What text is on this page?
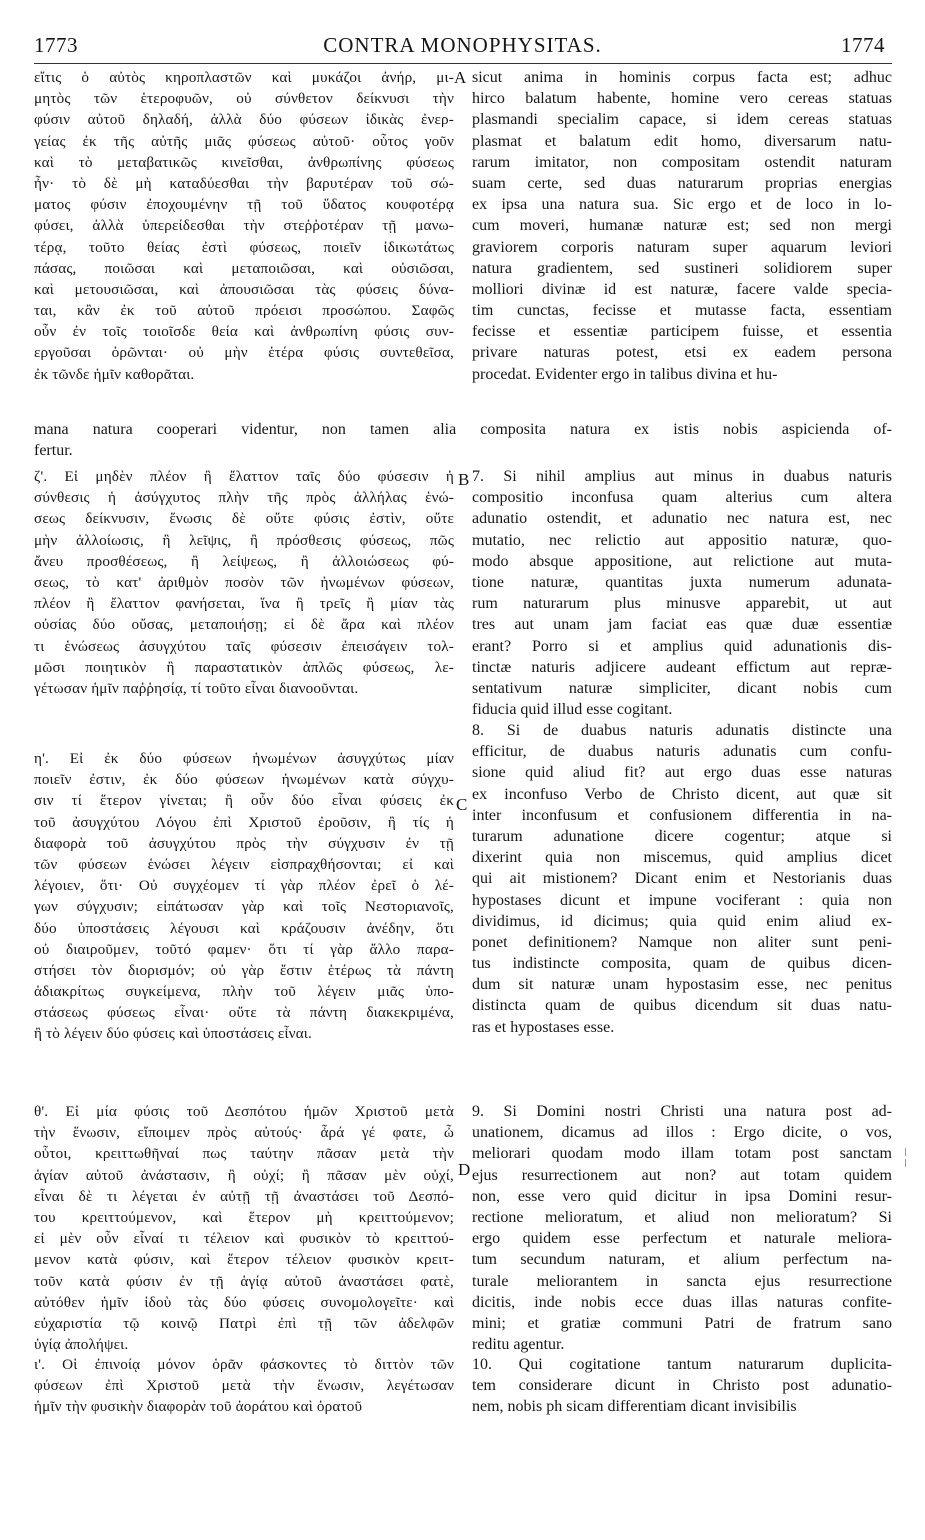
1773	CONTRA MONOPHYSITAS.	1774
A
B
C
D
εἴτις ὁ αὐτὸς κηροπλαστῶν καὶ μυκάζοι ἀνήρ, μι-
μητὸς τῶν ἑτεροφυῶν, οὐ σύνθετον δείκνυσι τὴν
φύσιν αὐτοῦ δηλαδή, ἀλλὰ δύο φύσεων ἰδικὰς ἐνερ-
γείας ἐκ τῆς αὐτῆς μιᾶς φύσεως αὐτοῦ· οὗτος γοῦν
καὶ τὸ μεταβατικῶς κινεῖσθαι, ἀνθρωπίνης φύσεως
ἦν· τὸ δὲ μὴ καταδύεσθαι τὴν βαρυτέραν τοῦ σώ-
ματος φύσιν ἐποχουμένην τῇ τοῦ ὕδατος κουφοτέρᾳ
φύσει, ἀλλὰ ὑπερείδεσθαι τὴν στεῤῥοτέραν τῇ μανω-
τέρᾳ, τοῦτο θείας ἐστὶ φύσεως, ποιεῖν ἰδικωτάτως
πάσας, ποιῶσαι καὶ μεταποιῶσαι, καὶ οὐσιῶσαι,
καὶ μετουσιῶσαι, καὶ ἀπουσιῶσαι τὰς φύσεις δύνα-
ται, κἂν ἐκ τοῦ αὐτοῦ πρόεισι προσώπου. Σαφῶς
οὖν ἐν τοῖς τοιοῖσδε θεία καὶ ἀνθρωπίνη φύσις συν-
εργοῦσαι ὁρῶνται· οὐ μὴν ἑτέρα φύσις συντεθεῖσα,
ἐκ τῶνδε ἡμῖν καθορᾶται.
sicut anima in hominis corpus facta est; adhuc
hirco balatum habente, homine vero cereas statuas
plasmandi specialim capace, si idem cereas statuas
plasmat et balatum edit homo, diversarum natu-
rarum imitator, non compositam ostendit naturam
suam certe, sed duas naturarum proprias energias
ex ipsa una natura sua. Sic ergo et de loco in lo-
cum moveri, humanæ naturæ est; sed non mergi
graviorem corporis naturam super aquarum leviori
natura gradientem, sed sustineri solidiorem super
molliori divinæ id est naturæ, facere valde specia-
tim cunctas, fecisse et mutasse facta, essentiam
fecisse et essentiæ participem fuisse, et essentia
privare naturas potest, etsi ex eadem persona
procedat. Evidenter ergo in talibus divina et hu-
mana natura cooperari videntur, non tamen alia composita natura ex istis nobis aspicienda of-
fertur.
ζ'. Εἰ μηδὲν πλέον ἢ ἔλαττον ταῖς δύο φύσεσιν ἡ
σύνθεσις ἡ ἀσύγχυτος πλὴν τῆς πρὸς ἀλλήλας ἑνώ-
σεως δείκνυσιν, ἕνωσις δὲ οὔτε φύσις ἐστὶν, οὔτε
μὴν ἀλλοίωσις, ἢ λεῖψις, ἢ πρόσθεσις φύσεως, πῶς
ἄνευ προσθέσεως, ἢ λείψεως, ἢ ἀλλοιώσεως φύ-
σεως, τὸ κατ' ἀριθμὸν ποσὸν τῶν ἡνωμένων φύσεων,
πλέον ἢ ἔλαττον φανήσεται, ἵνα ἢ τρεῖς ἢ μίαν τὰς
οὐσίας δύο οὔσας, μεταποιήσῃ; εἰ δὲ ἄρα καὶ πλέον
τι ἑνώσεως ἀσυγχύτου ταῖς φύσεσιν ἐπεισάγειν τολ-
μῶσι ποιητικὸν ἢ παραστατικὸν ἁπλῶς φύσεως, λε-
γέτωσαν ἡμῖν παῤῥησίᾳ, τί τοῦτο εἶναι διανοοῦνται.
7. Si nihil amplius aut minus in duabus naturis
compositio inconfusa quam alterius cum altera
adunatio ostendit, et adunatio nec natura est, nec
mutatio, nec relictio aut appositio naturæ, quo-
modo absque appositione, aut relictione aut muta-
tione naturæ, quantitas juxta numerum adunata-
rum naturarum plus minusve apparebit, ut aut
tres aut unam jam faciat eas quæ duæ essentiæ
erant? Porro si et amplius quid adunationis dis-
tinctæ naturis adjicere audeant effictum aut repræ-
sentativum naturæ simpliciter, dicant nobis cum
fiducia quid illud esse cogitant.
η'. Εἰ ἐκ δύο φύσεων ἡνωμένων ἀσυγχύτως μίαν
ποιεῖν ἐστιν, ἐκ δύο φύσεων ἡνωμένων κατὰ σύγχυ-
σιν τί ἕτερον γίνεται; ἢ οὖν δύο εἶναι φύσεις ἐκ
τοῦ ἀσυγχύτου Λόγου ἐπὶ Χριστοῦ ἐροῦσιν, ἢ τίς ἡ
διαφορὰ τοῦ ἀσυγχύτου πρὸς τὴν σύγχυσιν ἐν τῇ
τῶν φύσεων ἑνώσει λέγειν εἰσπραχθήσονται; εἰ καὶ
λέγοιεν, ὅτι· Οὐ συγχέομεν τί γὰρ πλέον ἐρεῖ ὁ λέ-
γων σύγχυσιν; εἰπάτωσαν γὰρ καὶ τοῖς Νεστοριανοῖς,
δύο ὑποστάσεις λέγουσι καὶ κράζουσιν ἀνέδην, ὅτι
οὐ διαιροῦμεν, τοῦτό φαμεν· ὅτι τί γὰρ ἄλλο παρα-
στήσει τὸν διορισμόν; οὐ γὰρ ἔστιν ἑτέρως τὰ πάντη
ἀδιακρίτως συγκείμενα, πλὴν τοῦ λέγειν μιᾶς ὑπο-
στάσεως φύσεως εἶναι· οὔτε τὰ πάντη διακεκριμένα,
ἢ τὸ λέγειν δύο φύσεις καὶ ὑποστάσεις εἶναι.
8. Si de duabus naturis adunatis distincte una
efficitur, de duabus naturis adunatis cum confu-
sione quid aliud fit? aut ergo duas esse naturas
ex inconfuso Verbo de Christo dicent, aut quæ sit
inter inconfusum et confusionem differentia in na-
turarum adunatione dicere cogentur; atque si
dixerint quia non miscemus, quid amplius dicet
qui ait mistionem? Dicant enim et Nestorianis duas
hypostases dicunt et impune vociferant : quia non
dividimus, id dicimus; quia quid enim aliud ex-
ponet definitionem? Namque non aliter sunt peni-
tus indistincte composita, quam de quibus dicen-
dum sit naturæ unam hypostasim esse, nec penitus
distincta quam de quibus dicendum sit duas natu-
ras et hypostases esse.
θ'. Εἰ μία φύσις τοῦ Δεσπότου ἡμῶν Χριστοῦ μετὰ
τὴν ἕνωσιν, εἴποιμεν πρὸς αὐτούς· ἆρά γέ φατε, ὦ
οὗτοι, κρειττωθῆναί πως ταύτην πᾶσαν μετὰ τὴν
ἁγίαν αὐτοῦ ἀνάστασιν, ἢ οὐχί; ἢ πᾶσαν μὲν οὐχί,
εἶναι δὲ τι λέγεται ἐν αὐτῇ τῇ ἀναστάσει τοῦ Δεσπό-
του κρειττούμενον, καὶ ἕτερον μὴ κρειττούμενον;
εἰ μὲν οὖν εἶναί τι τέλειον καὶ φυσικὸν τὸ κρειττού-
μενον κατὰ φύσιν, καὶ ἕτερον τέλειον φυσικὸν κρειτ-
τοῦν κατὰ φύσιν ἐν τῇ ἁγίᾳ αὐτοῦ ἀναστάσει φατὲ,
αὐτόθεν ἡμῖν ἰδοὺ τὰς δύο φύσεις συνομολογεῖτε· καὶ
εὐχαριστία τῷ κοινῷ Πατρὶ ἐπὶ τῇ τῶν ἀδελφῶν
ὑγίᾳ ἀπολήψει.
9. Si Domini nostri Christi una natura post ad-
unationem, dicamus ad illos : Ergo dicite, o vos,
meliorari quodam modo illam totam post sanctam
ejus resurrectionem aut non? aut totam quidem
non, esse vero quid dicitur in ipsa Domini resur-
rectione melioratum, et aliud non melioratum? Si
ergo quidem esse perfectum et naturale meliora-
tum secundum naturam, et alium perfectum na-
turale meliorantem in sancta ejus resurrectione
dicitis, inde nobis ecce duas illas naturas confite-
mini; et gratiæ communi Patri de fratrum sano
reditu agentur.
ι'. Οἱ ἐπινοίᾳ μόνον ὁρᾶν φάσκοντες τὸ διττὸν τῶν
φύσεων ἐπὶ Χριστοῦ μετὰ τὴν ἕνωσιν, λεγέτωσαν
ἡμῖν τὴν φυσικὴν διαφορὰν τοῦ ἀοράτου καὶ ὁρατοῦ
10. Qui cogitatione tantum naturarum duplicita-
tem considerare dicunt in Christo post adunatio-
nem, nobis ph sicam differentiam dicant invisibilis
